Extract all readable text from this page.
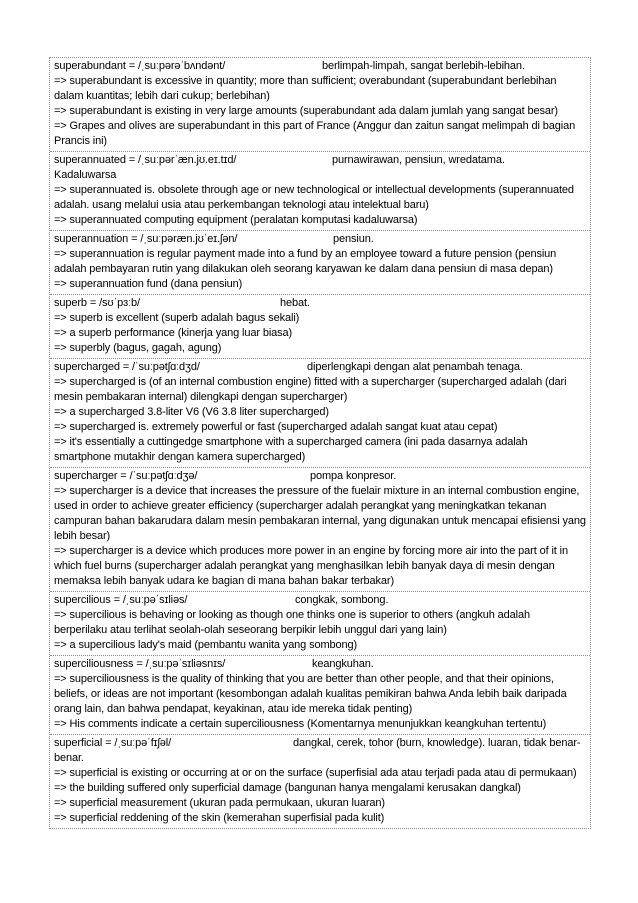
superabundant = /ˌsuːpərəˈbʌndənt/	berlimpah-limpah, sangat berlebih-lebihan.
=> superabundant is excessive in quantity; more than sufficient; overabundant (superabundant berlebihan dalam kuantitas; lebih dari cukup; berlebihan)
=> superabundant is existing in very large amounts (superabundant ada dalam jumlah yang sangat besar)
=> Grapes and olives are superabundant in this part of France (Anggur dan zaitun sangat melimpah di bagian Prancis ini)
superannuated = /ˌsuːpərˈæn.jʊ.eɪ.tɪd/	purnawirawan, pensiun, wredatama.
Kadaluwarsa
=> superannuated is. obsolete through age or new technological or intellectual developments (superannuated adalah. usang melalui usia atau perkembangan teknologi atau intelektual baru)
=> superannuated computing equipment (peralatan komputasi kadaluwarsa)
superannuation = /ˌsuːpəræn.jʊˈeɪ.ʃən/	pensiun.
=> superannuation is regular payment made into a fund by an employee toward a future pension (pensiun adalah pembayaran rutin yang dilakukan oleh seorang karyawan ke dalam dana pensiun di masa depan)
=> superannuation fund (dana pensiun)
superb = /sʊˈpɜːb/	hebat.
=> superb is excellent (superb adalah bagus sekali)
=> a superb performance (kinerja yang luar biasa)
=> superbly (bagus, gagah, agung)
supercharged = /ˈsuːpətʃɑːdʒd/	diperlengkapi dengan alat penambah tenaga.
=> supercharged is (of an internal combustion engine) fitted with a supercharger (supercharged adalah (dari mesin pembakaran internal) dilengkapi dengan supercharger)
=> a supercharged 3.8-liter V6 (V6 3.8 liter supercharged)
=> supercharged is. extremely powerful or fast (supercharged adalah sangat kuat atau cepat)
=> it's essentially a cuttingedge smartphone with a supercharged camera (ini pada dasarnya adalah smartphone mutakhir dengan kamera supercharged)
supercharger = /ˈsuːpətʃɑːdʒə/	pompa konpresor.
=> supercharger is a device that increases the pressure of the fuelair mixture in an internal combustion engine, used in order to achieve greater efficiency (supercharger adalah perangkat yang meningkatkan tekanan campuran bahan bakarudara dalam mesin pembakaran internal, yang digunakan untuk mencapai efisiensi yang lebih besar)
=> supercharger is a device which produces more power in an engine by forcing more air into the part of it in which fuel burns (supercharger adalah perangkat yang menghasilkan lebih banyak daya di mesin dengan memaksa lebih banyak udara ke bagian di mana bahan bakar terbakar)
supercilious = /ˌsuːpəˈsɪliəs/	congkak, sombong.
=> supercilious is behaving or looking as though one thinks one is superior to others (angkuh adalah berperilaku atau terlihat seolah-olah seseorang berpikir lebih unggul dari yang lain)
=> a supercilious lady's maid (pembantu wanita yang sombong)
superciliousness = /ˌsuːpəˈsɪliəsnɪs/	keangkuhan.
=> superciliousness is the quality of thinking that you are better than other people, and that their opinions, beliefs, or ideas are not important (kesombongan adalah kualitas pemikiran bahwa Anda lebih baik daripada orang lain, dan bahwa pendapat, keyakinan, atau ide mereka tidak penting)
=> His comments indicate a certain superciliousness (Komentarnya menunjukkan keangkuhan tertentu)
superficial = /ˌsuːpəˈfɪʃəl/	dangkal, cerek, tohor (burn, knowledge). luaran, tidak benar-benar.
=> superficial is existing or occurring at or on the surface (superfisial ada atau terjadi pada atau di permukaan)
=> the building suffered only superficial damage (bangunan hanya mengalami kerusakan dangkal)
=> superficial measurement (ukuran pada permukaan, ukuran luaran)
=> superficial reddening of the skin (kemerahan superfisial pada kulit)
